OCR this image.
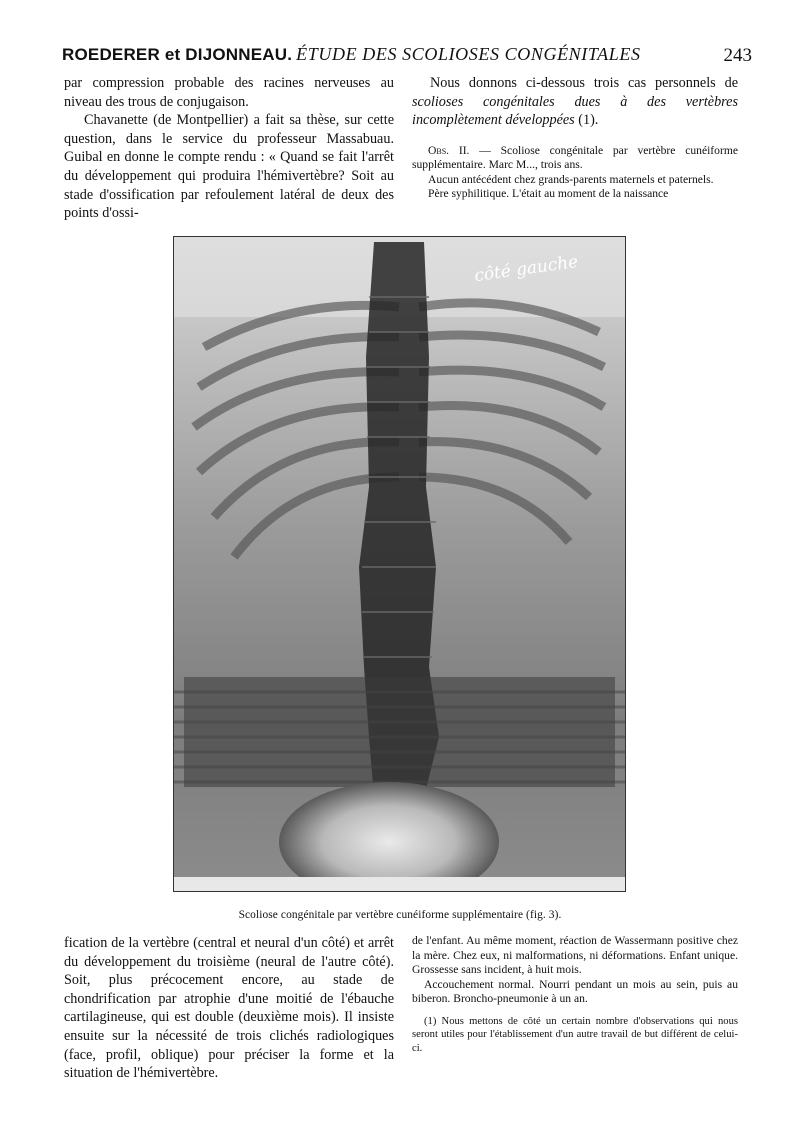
ROEDERER et DIJONNEAU. ÉTUDE DES SCOLIOSES CONGÉNITALES	243

par compression probable des racines nerveuses au niveau des trous de conjugaison.

Chavanette (de Montpellier) a fait sa thèse, sur cette question, dans le service du professeur Massabuau. Guibal en donne le compte rendu : « Quand se fait l'arrêt du développement qui produira l'hémivertèbre? Soit au stade d'ossification par refoulement latéral de deux des points d'ossi-

Nous donnons ci-dessous trois cas personnels de scolioses congénitales dues à des vertèbres incomplètement développées (1).

Obs. II. — Scoliose congénitale par vertèbre cunéiforme supplémentaire. Marc M..., trois ans.

Aucun antécédent chez grands-parents maternels et paternels.

Père syphilitique. L'était au moment de la naissance

côté gauche
Scoliose congénitale par vertèbre cunéiforme supplémentaire (fig. 3).

fication de la vertèbre (central et neural d'un côté) et arrêt du développement du troisième (neural de l'autre côté). Soit, plus précocement encore, au stade de chondrification par atrophie d'une moitié de l'ébauche cartilagineuse, qui est double (deuxième mois). Il insiste ensuite sur la nécessité de trois clichés radiologiques (face, profil, oblique) pour préciser la forme et la situation de l'hémivertèbre.

de l'enfant. Au même moment, réaction de Wassermann positive chez la mère. Chez eux, ni malformations, ni déformations. Enfant unique. Grossesse sans incident, à huit mois.

Accouchement normal. Nourri pendant un mois au sein, puis au biberon. Broncho-pneumonie à un an.

(1) Nous mettons de côté un certain nombre d'observations qui nous seront utiles pour l'établissement d'un autre travail de but différent de celui-ci.
